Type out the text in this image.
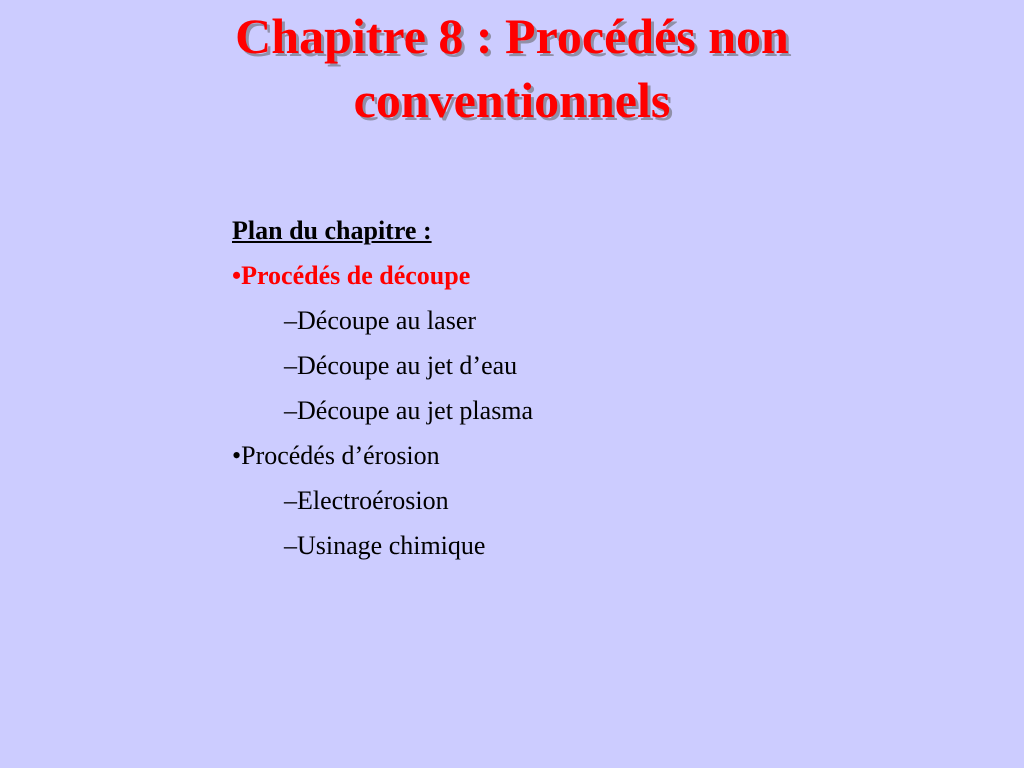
Chapitre 8 : Procédés non
conventionnels
Plan du chapitre :
•Procédés de découpe
–Découpe au laser
–Découpe au jet d’eau
–Découpe au jet plasma
•Procédés d’érosion
–Electroérosion
–Usinage chimique
